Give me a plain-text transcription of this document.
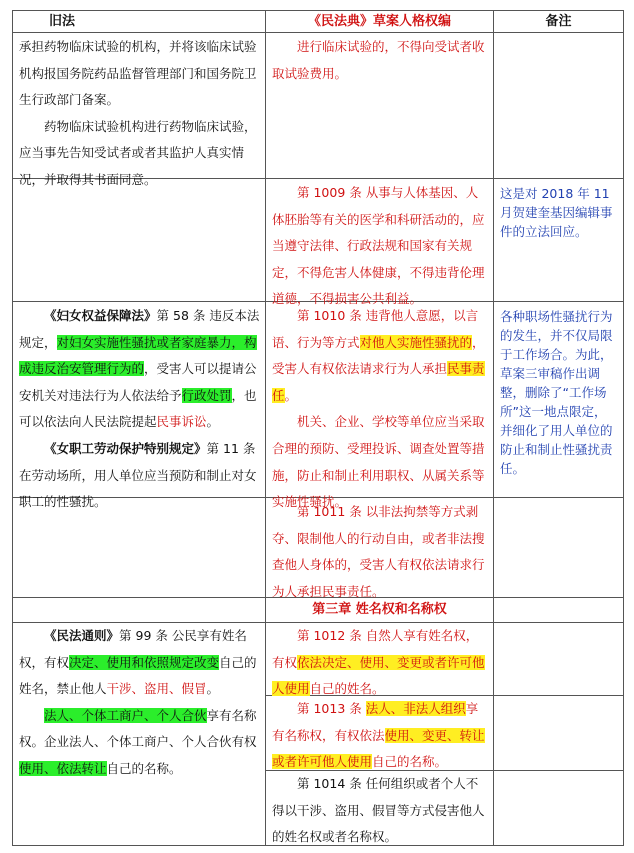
旧法	《民法典》草案人格权编	备注

承担药物临床试验的机构，并将该临床试验机构报国务院药品监督管理部门和国务院卫生行政部门备案。

药物临床试验机构进行药物临床试验，应当事先告知受试者或者其监护人真实情况，并取得其书面同意。

进行临床试验的，不得向受试者收取试验费用。

第 1009 条 从事与人体基因、人体胚胎等有关的医学和科研活动的，应当遵守法律、行政法规和国家有关规定，不得危害人体健康，不得违背伦理道德，不得损害公共利益。

这是对 2018 年 11 月贺建奎基因编辑事件的立法回应。

《妇女权益保障法》第 58 条 违反本法规定，对妇女实施性骚扰或者家庭暴力，构成违反治安管理行为的，受害人可以提请公安机关对违法行为人依法给予行政处罚，也可以依法向人民法院提起民事诉讼。

《女职工劳动保护特别规定》第 11 条 在劳动场所，用人单位应当预防和制止对女职工的性骚扰。

第 1010 条 违背他人意愿，以言语、行为等方式对他人实施性骚扰的，受害人有权依法请求行为人承担民事责任。

机关、企业、学校等单位应当采取合理的预防、受理投诉、调查处置等措施，防止和制止利用职权、从属关系等实施性骚扰。

各种职场性骚扰行为的发生，并不仅局限于工作场合。为此，草案三审稿作出调整，删除了“工作场所”这一地点限定，并细化了用人单位的防止和制止性骚扰责任。

第 1011 条 以非法拘禁等方式剥夺、限制他人的行动自由，或者非法搜查他人身体的，受害人有权依法请求行为人承担民事责任。

第三章 姓名权和名称权

《民法通则》第 99 条 公民享有姓名权，有权决定、使用和依照规定改变自己的姓名，禁止他人干涉、盗用、假冒。

法人、个体工商户、个人合伙享有名称权。企业法人、个体工商户、个人合伙有权使用、依法转让自己的名称。

第 1012 条 自然人享有姓名权，有权依法决定、使用、变更或者许可他人使用自己的姓名。

第 1013 条 法人、非法人组织享有名称权，有权依法使用、变更、转让或者许可他人使用自己的名称。

第 1014 条 任何组织或者个人不得以干涉、盗用、假冒等方式侵害他人的姓名权或者名称权。
